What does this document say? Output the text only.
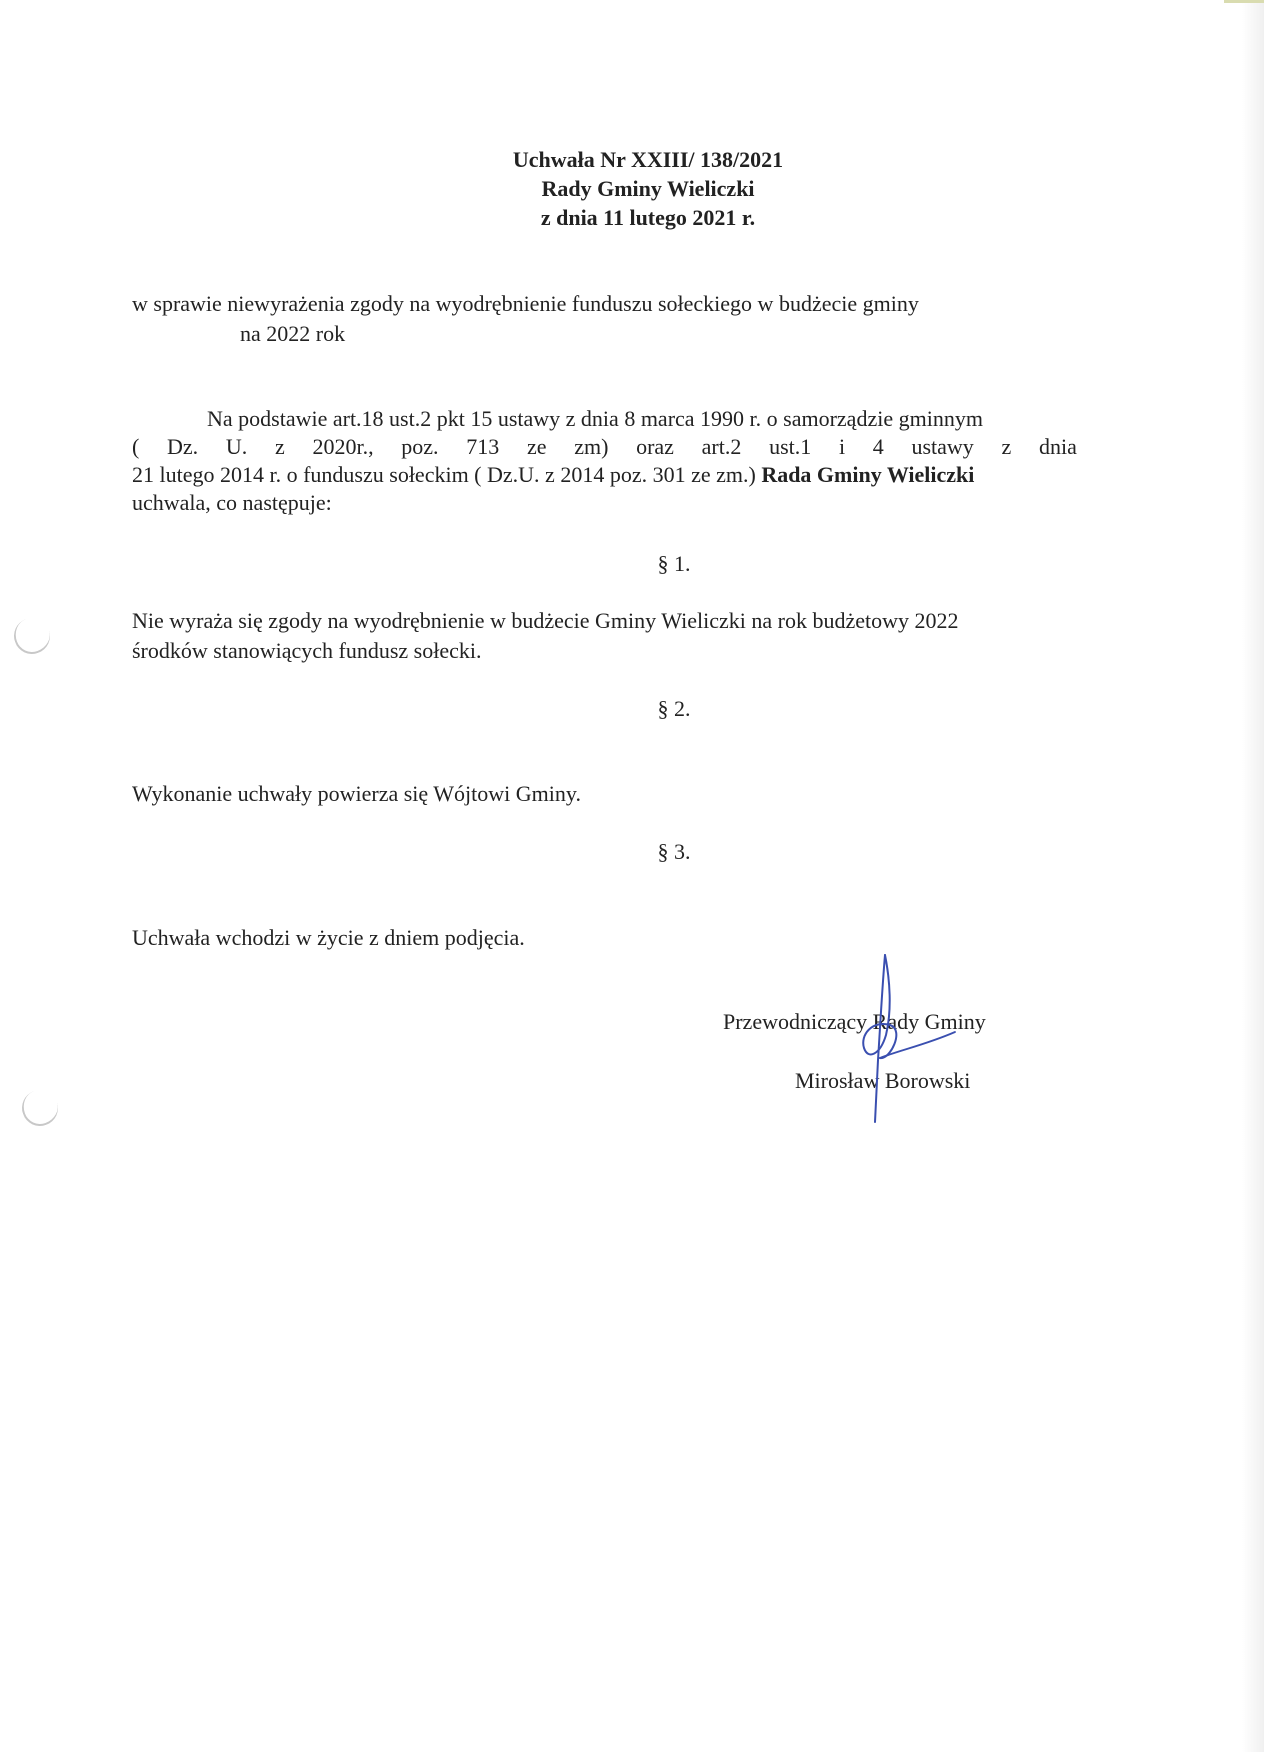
Uchwała Nr XXIII/ 138/2021
Rady Gminy Wieliczki
z dnia 11 lutego 2021 r.
w sprawie niewyrażenia zgody na wyodrębnienie funduszu sołeckiego w budżecie gminy
na 2022 rok
Na podstawie art.18 ust.2 pkt 15 ustawy z dnia 8 marca 1990 r. o samorządzie gminnym
( Dz. U. z 2020r., poz. 713 ze zm) oraz art.2 ust.1 i 4 ustawy z dnia
21 lutego 2014 r. o funduszu sołeckim ( Dz.U. z 2014 poz. 301 ze zm.) Rada Gminy Wieliczki
uchwala, co następuje:
§ 1.
Nie wyraża się zgody na wyodrębnienie w budżecie Gminy Wieliczki na rok budżetowy 2022
środków stanowiących fundusz sołecki.
§ 2.
Wykonanie uchwały powierza się Wójtowi Gminy.
§ 3.
Uchwała wchodzi w życie z dniem podjęcia.
Przewodniczący Rady Gminy
Mirosław Borowski
